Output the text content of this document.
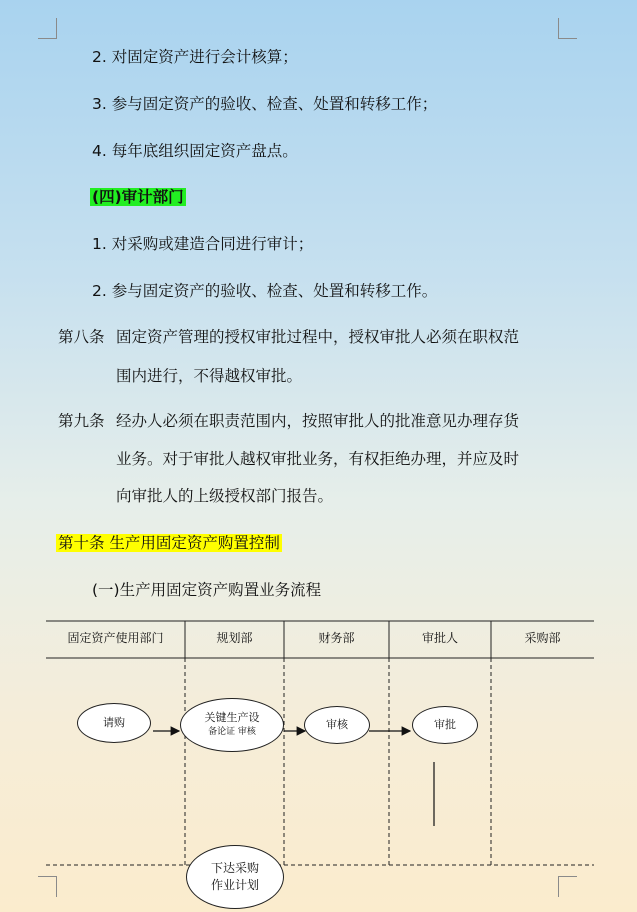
2. 对固定资产进行会计核算；
3. 参与固定资产的验收、检查、处置和转移工作；
4. 每年底组织固定资产盘点。
(四)审计部门
1. 对采购或建造合同进行审计；
2. 参与固定资产的验收、检查、处置和转移工作。
第八条 固定资产管理的授权审批过程中，授权审批人必须在职权范
围内进行，不得越权审批。
第九条 经办人必须在职责范围内，按照审批人的批准意见办理存货
业务。对于审批人越权审批业务，有权拒绝办理，并应及时
向审批人的上级授权部门报告。
第十条 生产用固定资产购置控制
(一)生产用固定资产购置业务流程
固定资产使用部门	规划部	财务部	审批人	采购部
请购	关键生产设
备论证 审核
审核	审批
下达采购
作业计划
